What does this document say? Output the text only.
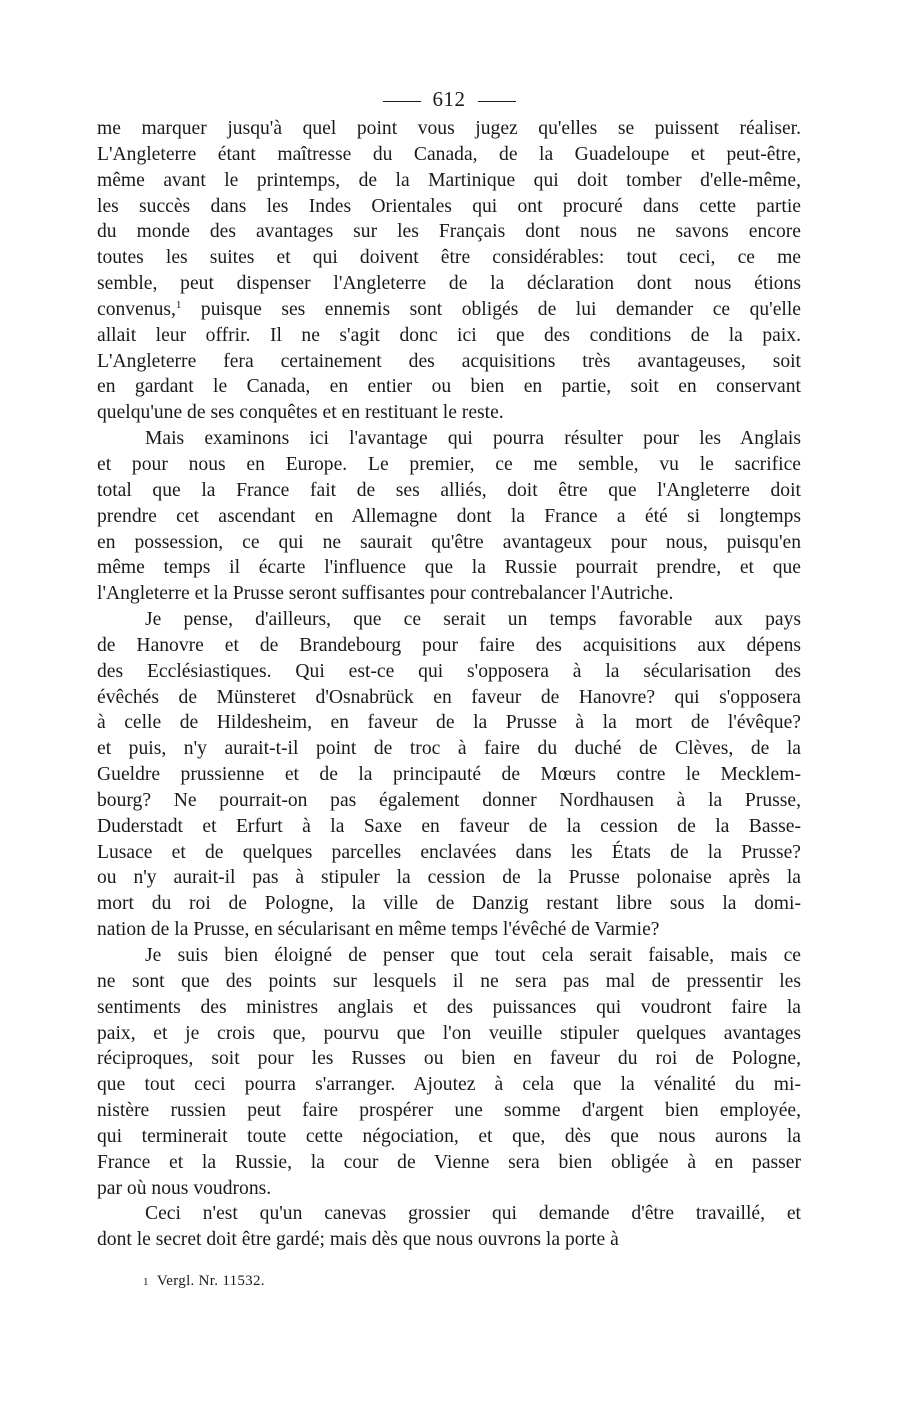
612
me marquer jusqu'à quel point vous jugez qu'elles se puissent réaliser.
L'Angleterre étant maîtresse du Canada, de la Guadeloupe et peut-être,
même avant le printemps, de la Martinique qui doit tomber d'elle-même,
les succès dans les Indes Orientales qui ont procuré dans cette partie
du monde des avantages sur les Français dont nous ne savons encore
toutes les suites et qui doivent être considérables: tout ceci, ce me
semble, peut dispenser l'Angleterre de la déclaration dont nous étions
convenus,$^1$ puisque ses ennemis sont obligés de lui demander ce qu'elle
allait leur offrir. Il ne s'agit donc ici que des conditions de la paix.
L'Angleterre fera certainement des acquisitions très avantageuses, soit
en gardant le Canada, en entier ou bien en partie, soit en conservant
quelqu'une de ses conquêtes et en restituant le reste.
Mais examinons ici l'avantage qui pourra résulter pour les Anglais
et pour nous en Europe. Le premier, ce me semble, vu le sacrifice
total que la France fait de ses alliés, doit être que l'Angleterre doit
prendre cet ascendant en Allemagne dont la France a été si longtemps
en possession, ce qui ne saurait qu'être avantageux pour nous, puisqu'en
même temps il écarte l'influence que la Russie pourrait prendre, et que
l'Angleterre et la Prusse seront suffisantes pour contrebalancer l'Autriche.
Je pense, d'ailleurs, que ce serait un temps favorable aux pays
de Hanovre et de Brandebourg pour faire des acquisitions aux dépens
des Ecclésiastiques. Qui est-ce qui s'opposera à la sécularisation des
évêchés de Münsteret d'Osnabrück en faveur de Hanovre? qui s'opposera
à celle de Hildesheim, en faveur de la Prusse à la mort de l'évêque?
et puis, n'y aurait-t-il point de troc à faire du duché de Clèves, de la
Gueldre prussienne et de la principauté de Mœurs contre le Mecklem-
bourg? Ne pourrait-on pas également donner Nordhausen à la Prusse,
Duderstadt et Erfurt à la Saxe en faveur de la cession de la Basse-
Lusace et de quelques parcelles enclavées dans les États de la Prusse?
ou n'y aurait-il pas à stipuler la cession de la Prusse polonaise après la
mort du roi de Pologne, la ville de Danzig restant libre sous la domi-
nation de la Prusse, en sécularisant en même temps l'évêché de Varmie?
Je suis bien éloigné de penser que tout cela serait faisable, mais ce
ne sont que des points sur lesquels il ne sera pas mal de pressentir les
sentiments des ministres anglais et des puissances qui voudront faire la
paix, et je crois que, pourvu que l'on veuille stipuler quelques avantages
réciproques, soit pour les Russes ou bien en faveur du roi de Pologne,
que tout ceci pourra s'arranger. Ajoutez à cela que la vénalité du mi-
nistère russien peut faire prospérer une somme d'argent bien employée,
qui terminerait toute cette négociation, et que, dès que nous aurons la
France et la Russie, la cour de Vienne sera bien obligée à en passer
par où nous voudrons.
Ceci n'est qu'un canevas grossier qui demande d'être travaillé, et
dont le secret doit être gardé; mais dès que nous ouvrons la porte à
1 Vergl. Nr. 11532.
